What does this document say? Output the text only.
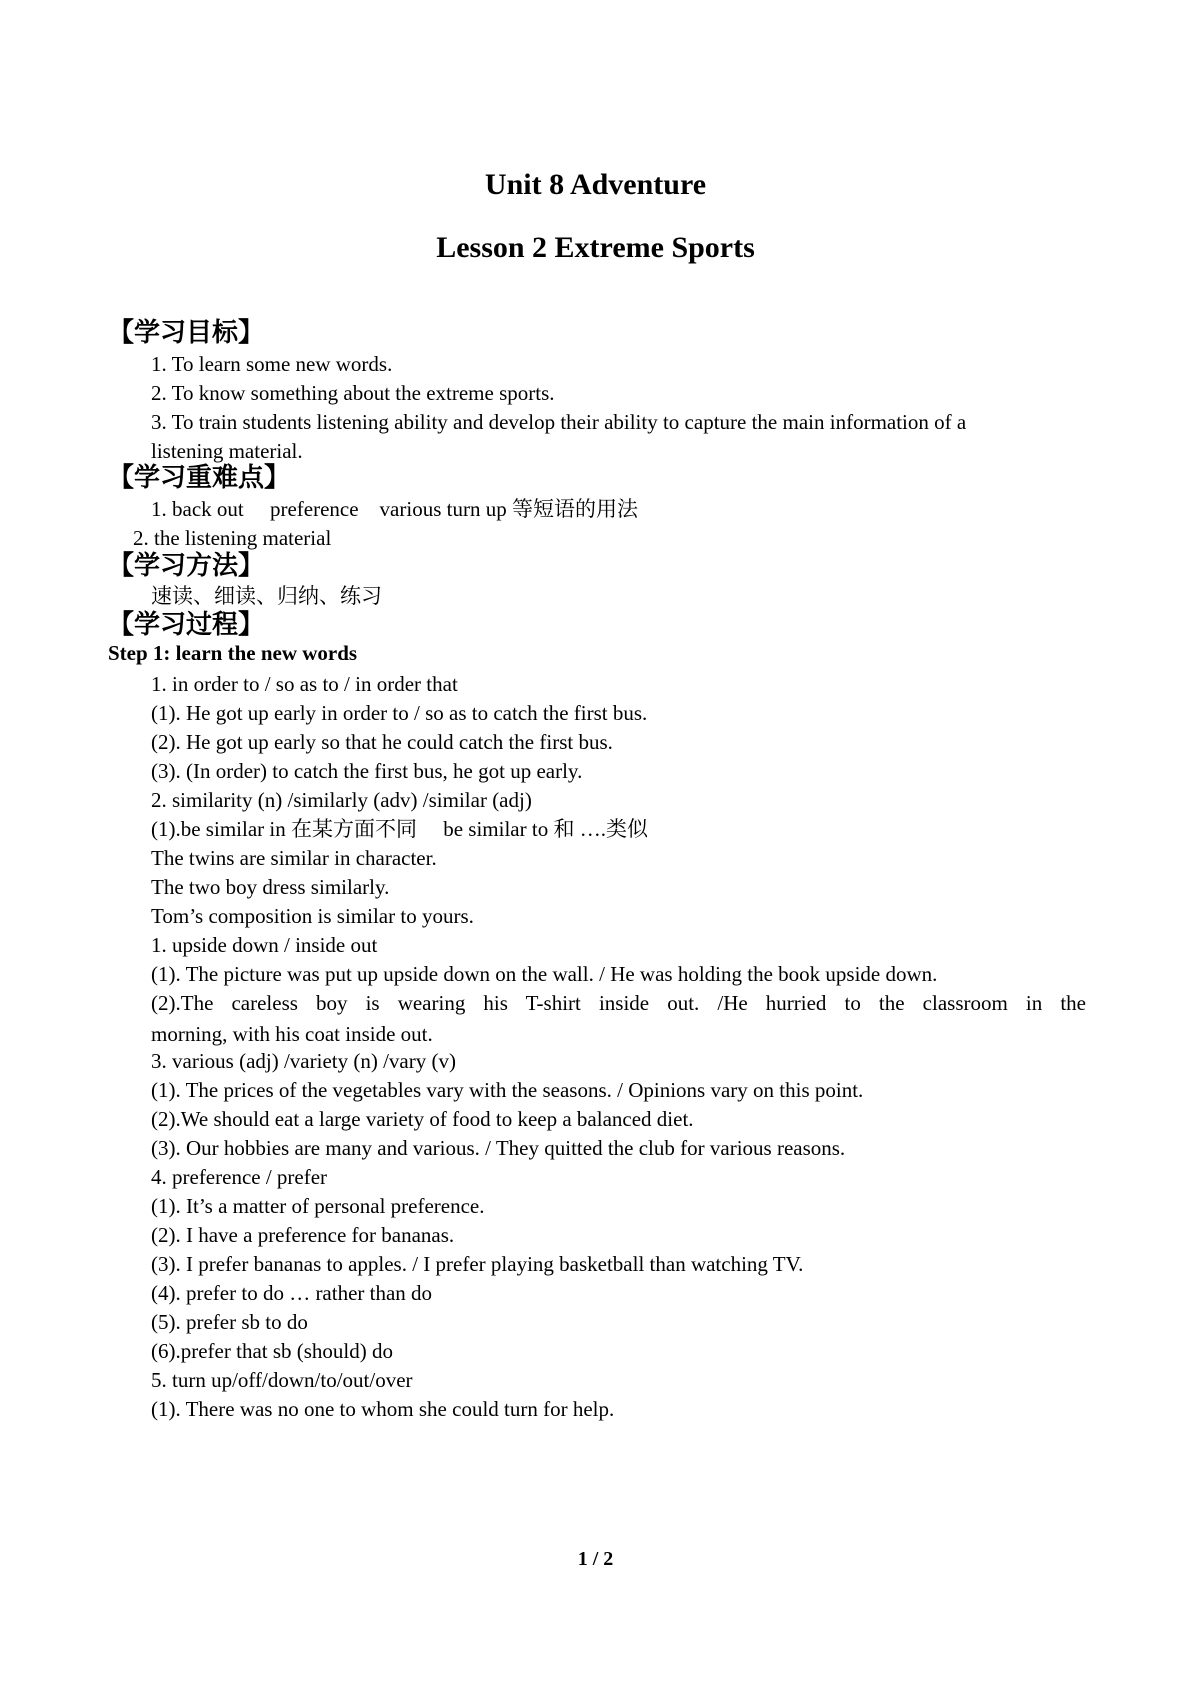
Unit 8 Adventure
Lesson 2 Extreme Sports
【学习目标】
1. To learn some new words.
2. To know something about the extreme sports.
3. To train students listening ability and develop their ability to capture the main information of a
listening material.
【学习重难点】
1. back out     preference    various turn up 等短语的用法
2. the listening material
【学习方法】
速读、细读、归纳、练习
【学习过程】
Step 1: learn the new words
1. in order to / so as to / in order that
(1). He got up early in order to / so as to catch the first bus.
(2). He got up early so that he could catch the first bus.
(3). (In order) to catch the first bus, he got up early.
2. similarity (n) /similarly (adv) /similar (adj)
(1).be similar in 在某方面不同     be similar to 和 ….类似
The twins are similar in character.
The two boy dress similarly.
Tom’s composition is similar to yours.
1. upside down / inside out
(1). The picture was put up upside down on the wall. / He was holding the book upside down.
(2).The careless boy is wearing his T-shirt inside out. /He hurried to the classroom in the
morning, with his coat inside out.
3. various (adj) /variety (n) /vary (v)
(1). The prices of the vegetables vary with the seasons. / Opinions vary on this point.
(2).We should eat a large variety of food to keep a balanced diet.
(3). Our hobbies are many and various. / They quitted the club for various reasons.
4. preference / prefer
(1). It’s a matter of personal preference.
(2). I have a preference for bananas.
(3). I prefer bananas to apples. / I prefer playing basketball than watching TV.
(4). prefer to do … rather than do
(5). prefer sb to do
(6).prefer that sb (should) do
5. turn up/off/down/to/out/over
(1). There was no one to whom she could turn for help.
1 / 2
